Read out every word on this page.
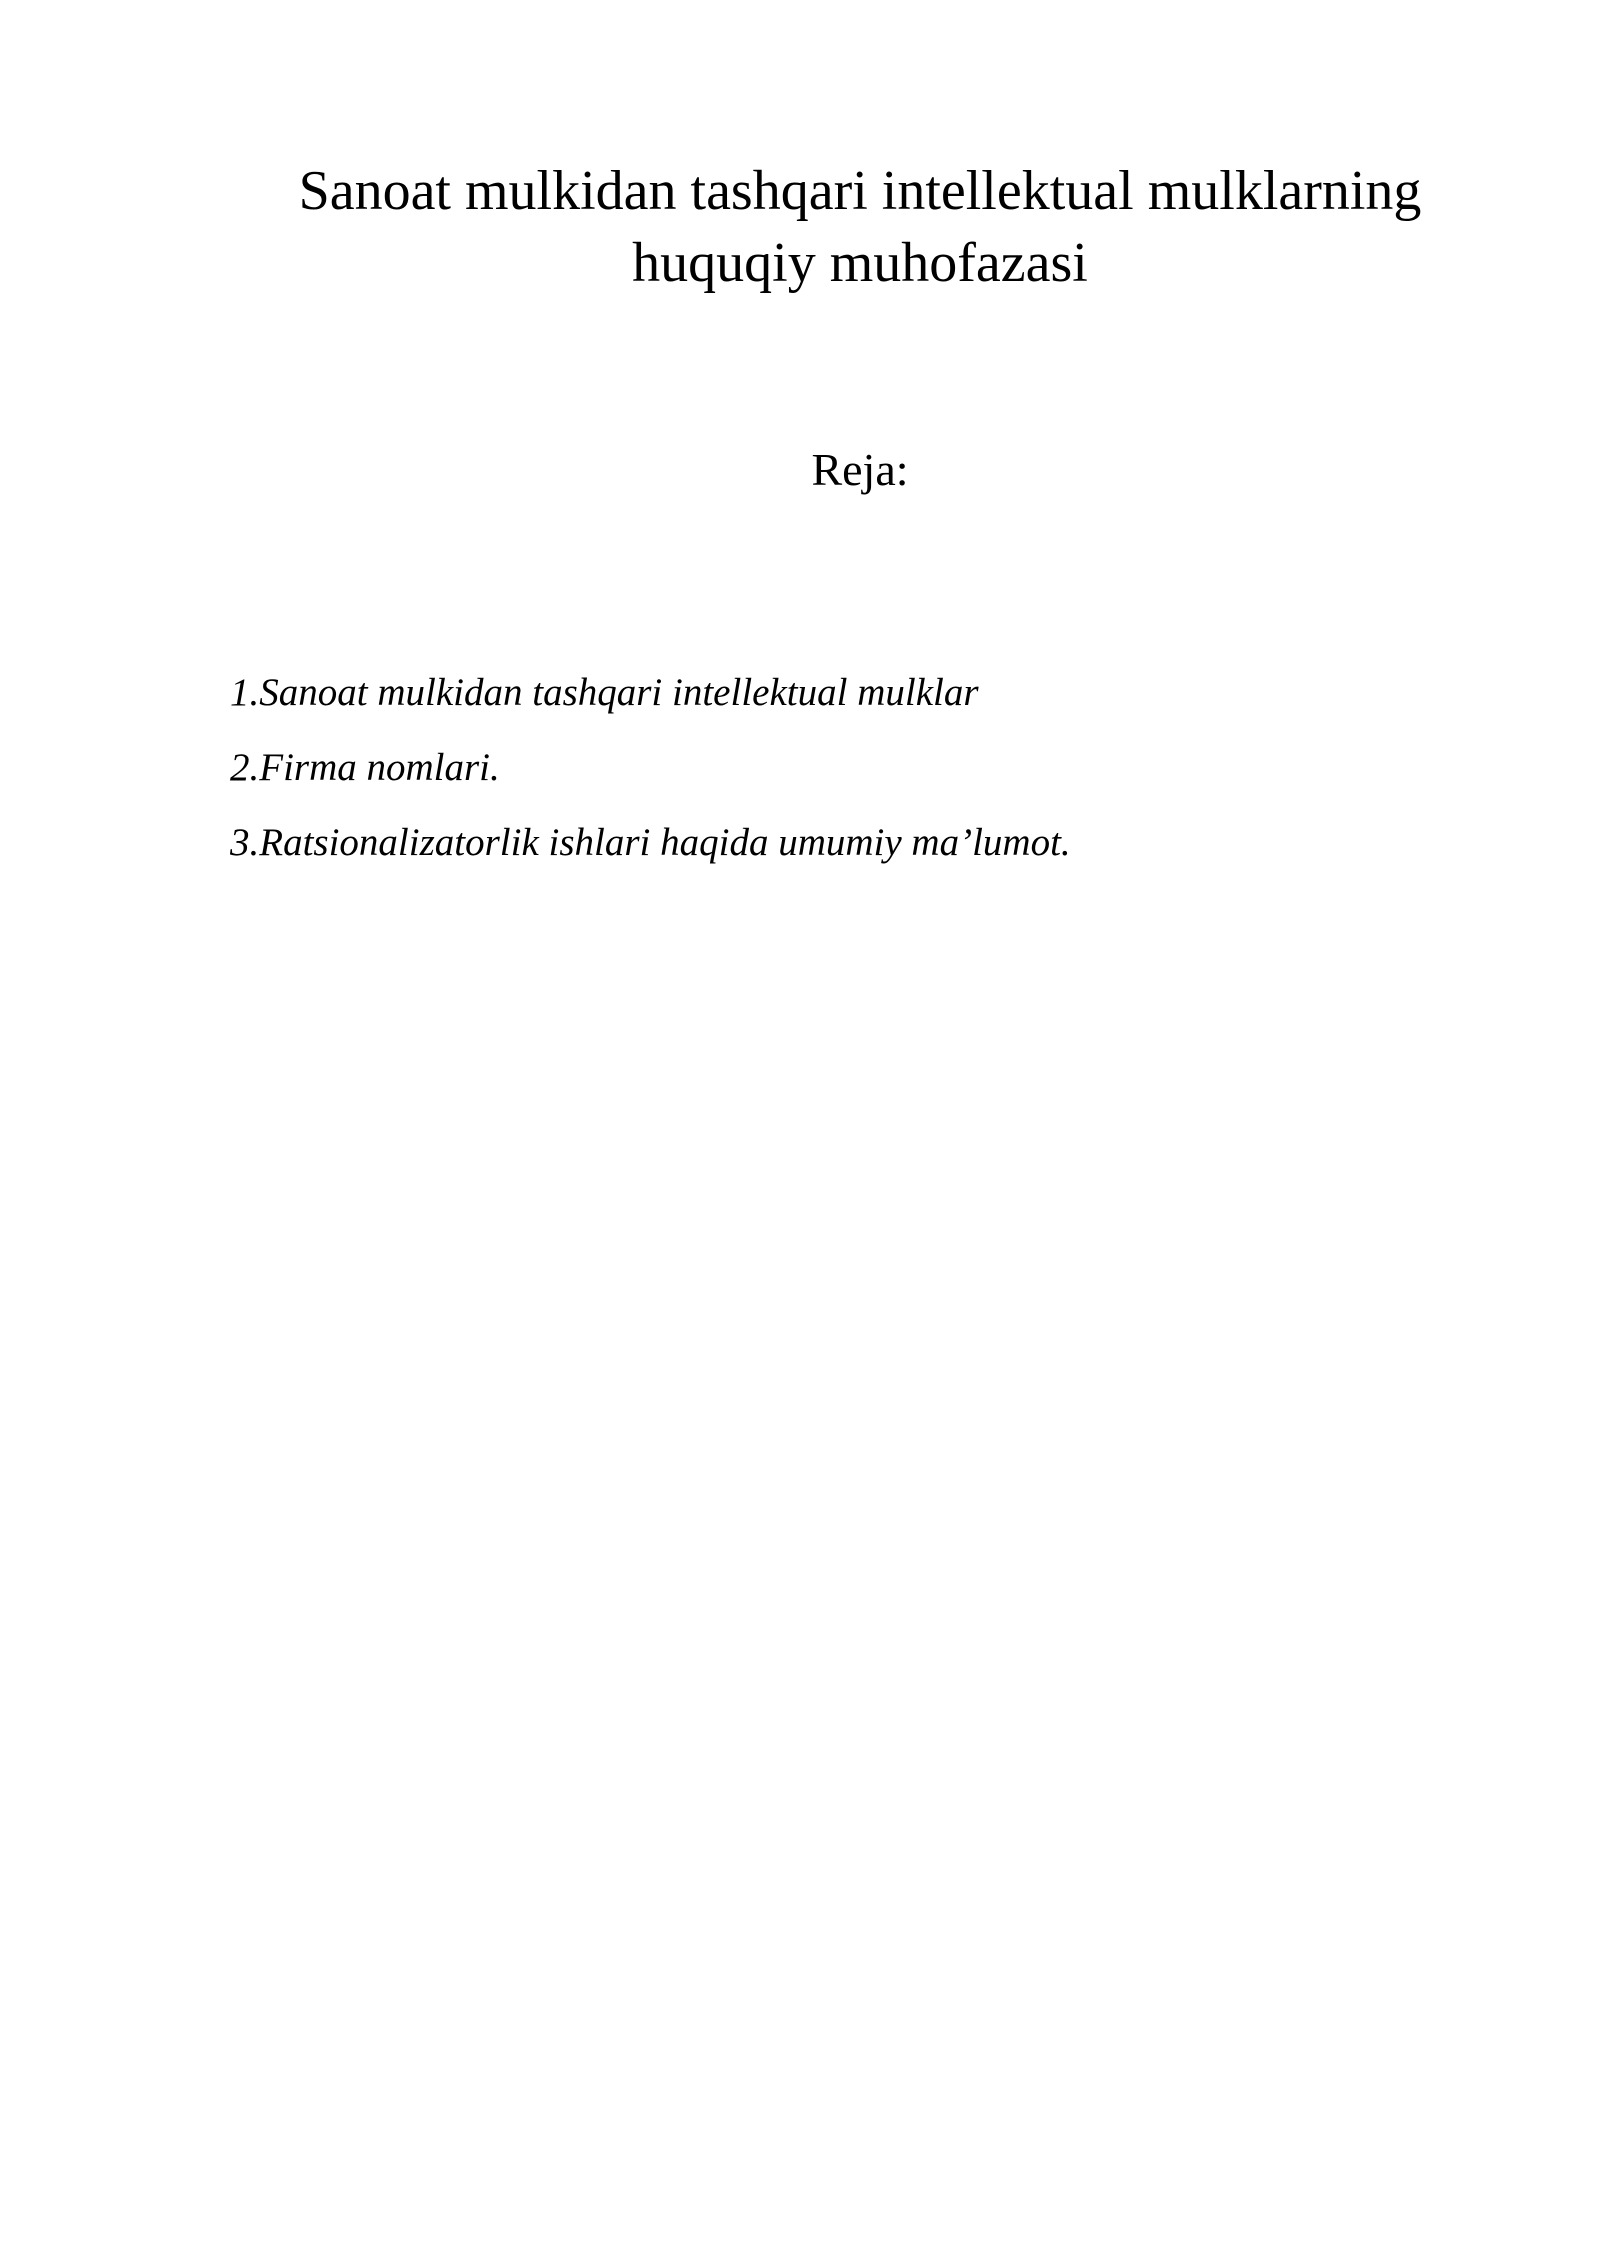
Sanoat mulkidan tashqari intellektual mulklarning
huquqiy muhofazasi

Reja:

1.Sanoat mulkidan tashqari intellektual mulklar
2.Firma nomlari.
3.Ratsionalizatorlik ishlari haqida umumiy ma’lumot.
